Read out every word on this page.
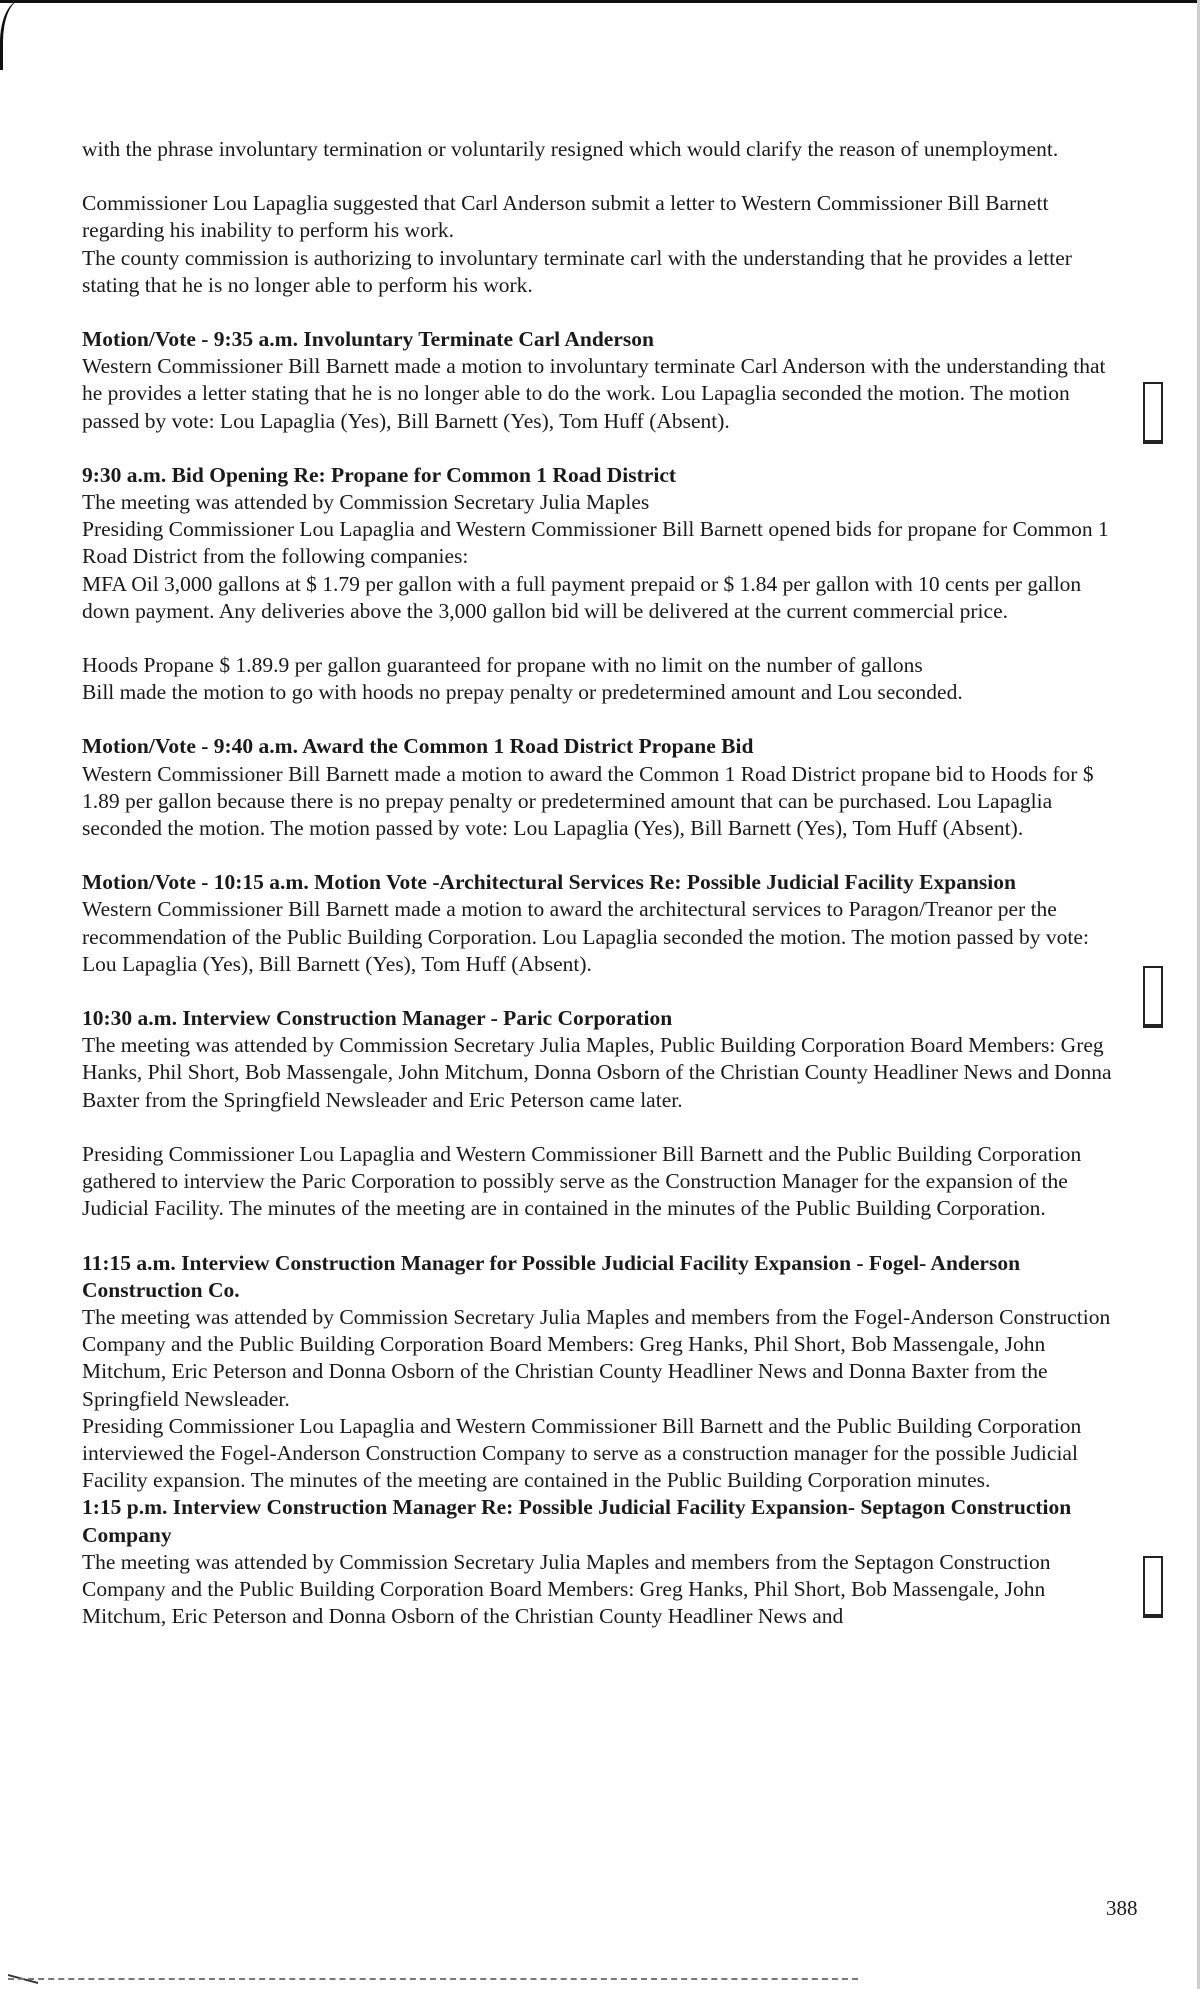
with the phrase involuntary termination or voluntarily resigned which would clarify the reason of unemployment.
Commissioner Lou Lapaglia suggested that Carl Anderson submit a letter to Western Commissioner Bill Barnett regarding his inability to perform his work.
The county commission is authorizing to involuntary terminate carl with the understanding that he provides a letter stating that he is no longer able to perform his work.
Motion/Vote - 9:35 a.m. Involuntary Terminate Carl Anderson
Western Commissioner Bill Barnett made a motion to involuntary terminate Carl Anderson with the understanding that he provides a letter stating that he is no longer able to do the work. Lou Lapaglia seconded the motion. The motion passed by vote: Lou Lapaglia (Yes), Bill Barnett (Yes), Tom Huff (Absent).
9:30 a.m. Bid Opening Re: Propane for Common 1 Road District
The meeting was attended by Commission Secretary Julia Maples
Presiding Commissioner Lou Lapaglia and Western Commissioner Bill Barnett opened bids for propane for Common 1 Road District from the following companies:
MFA Oil 3,000 gallons at $ 1.79 per gallon with a full payment prepaid or $ 1.84 per gallon with 10 cents per gallon down payment. Any deliveries above the 3,000 gallon bid will be delivered at the current commercial price.
Hoods Propane $ 1.89.9 per gallon guaranteed for propane with no limit on the number of gallons
Bill made the motion to go with hoods no prepay penalty or predetermined amount and Lou seconded.
Motion/Vote - 9:40 a.m. Award the Common 1 Road District Propane Bid
Western Commissioner Bill Barnett made a motion to award the Common 1 Road District propane bid to Hoods for $ 1.89 per gallon because there is no prepay penalty or predetermined amount that can be purchased. Lou Lapaglia seconded the motion. The motion passed by vote: Lou Lapaglia (Yes), Bill Barnett (Yes), Tom Huff (Absent).
Motion/Vote - 10:15 a.m. Motion Vote -Architectural Services Re: Possible Judicial Facility Expansion
Western Commissioner Bill Barnett made a motion to award the architectural services to Paragon/Treanor per the recommendation of the Public Building Corporation. Lou Lapaglia seconded the motion. The motion passed by vote: Lou Lapaglia (Yes), Bill Barnett (Yes), Tom Huff (Absent).
10:30 a.m. Interview Construction Manager - Paric Corporation
The meeting was attended by Commission Secretary Julia Maples, Public Building Corporation Board Members: Greg Hanks, Phil Short, Bob Massengale, John Mitchum, Donna Osborn of the Christian County Headliner News and Donna Baxter from the Springfield Newsleader and Eric Peterson came later.
Presiding Commissioner Lou Lapaglia and Western Commissioner Bill Barnett and the Public Building Corporation gathered to interview the Paric Corporation to possibly serve as the Construction Manager for the expansion of the Judicial Facility. The minutes of the meeting are in contained in the minutes of the Public Building Corporation.
11:15 a.m. Interview Construction Manager for Possible Judicial Facility Expansion - Fogel- Anderson Construction Co.
The meeting was attended by Commission Secretary Julia Maples and members from the Fogel-Anderson Construction Company and the Public Building Corporation Board Members: Greg Hanks, Phil Short, Bob Massengale, John Mitchum, Eric Peterson and Donna Osborn of the Christian County Headliner News and Donna Baxter from the Springfield Newsleader.
Presiding Commissioner Lou Lapaglia and Western Commissioner Bill Barnett and the Public Building Corporation interviewed the Fogel-Anderson Construction Company to serve as a construction manager for the possible Judicial Facility expansion. The minutes of the meeting are contained in the Public Building Corporation minutes.
1:15 p.m. Interview Construction Manager Re: Possible Judicial Facility Expansion- Septagon Construction Company
The meeting was attended by Commission Secretary Julia Maples and members from the Septagon Construction Company and the Public Building Corporation Board Members: Greg Hanks, Phil Short, Bob Massengale, John Mitchum, Eric Peterson and Donna Osborn of the Christian County Headliner News and
388
